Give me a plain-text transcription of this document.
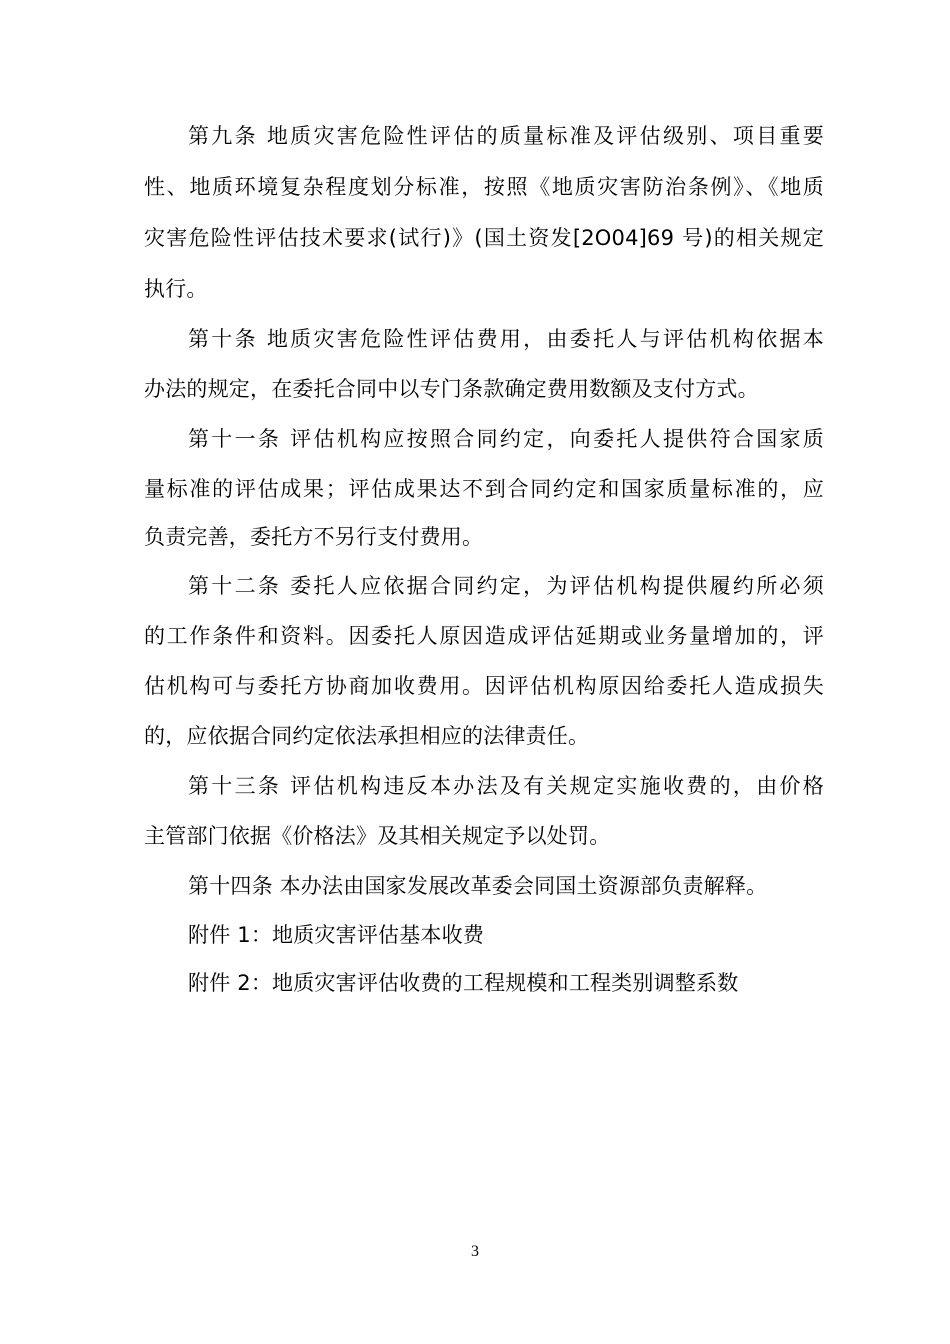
第九条 地质灾害危险性评估的质量标准及评估级别、项目重要
性、地质环境复杂程度划分标准，按照《地质灾害防治条例》、《地质
灾害危险性评估技术要求(试行)》(国土资发[2O04]69 号)的相关规定
执行。
第十条 地质灾害危险性评估费用，由委托人与评估机构依据本
办法的规定，在委托合同中以专门条款确定费用数额及支付方式。
第十一条 评估机构应按照合同约定，向委托人提供符合国家质
量标准的评估成果；评估成果达不到合同约定和国家质量标准的，应
负责完善，委托方不另行支付费用。
第十二条 委托人应依据合同约定，为评估机构提供履约所必须
的工作条件和资料。因委托人原因造成评估延期或业务量增加的，评
估机构可与委托方协商加收费用。因评估机构原因给委托人造成损失
的，应依据合同约定依法承担相应的法律责任。
第十三条 评估机构违反本办法及有关规定实施收费的，由价格
主管部门依据《价格法》及其相关规定予以处罚。
第十四条 本办法由国家发展改革委会同国土资源部负责解释。
附件 1：地质灾害评估基本收费
附件 2：地质灾害评估收费的工程规模和工程类别调整系数
3
